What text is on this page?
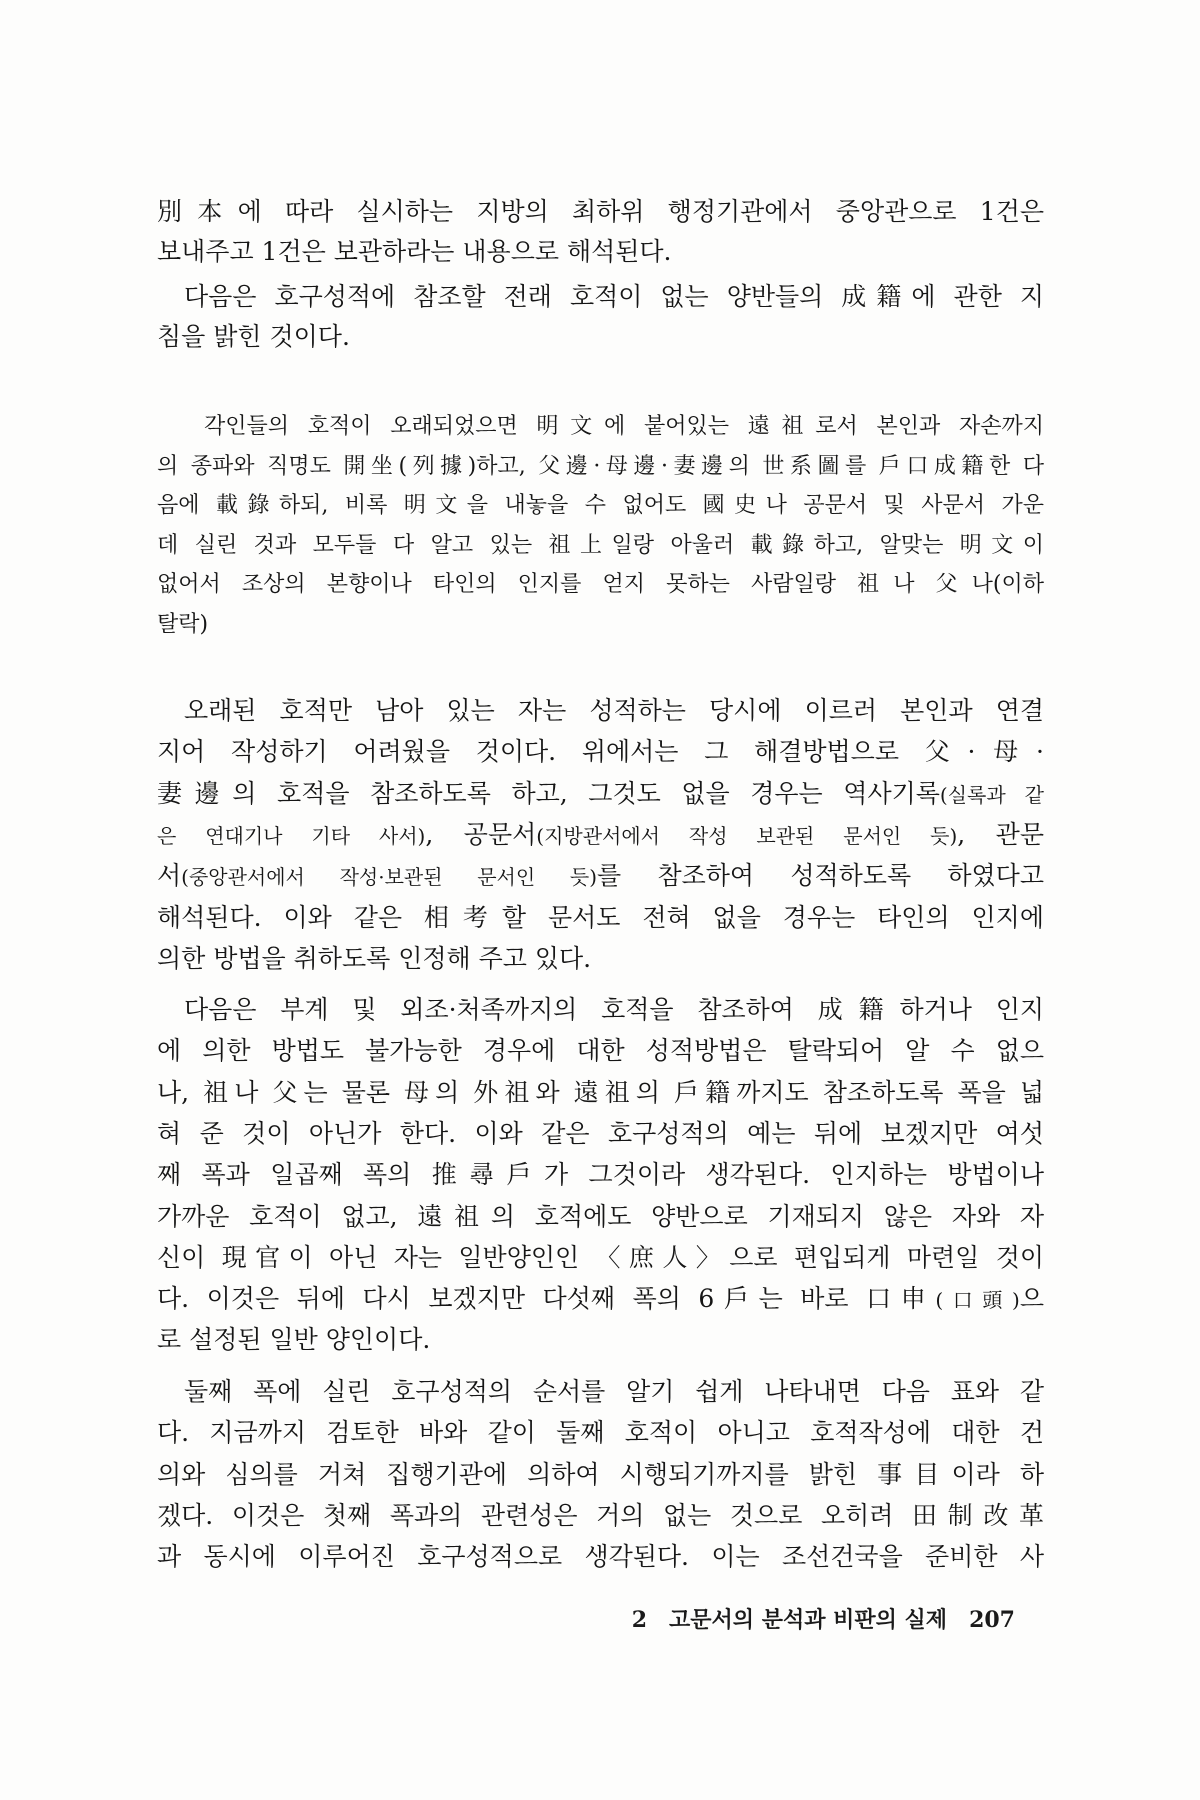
別本에 따라 실시하는 지방의 최하위 행정기관에서 중앙관으로 1건은
보내주고 1건은 보관하라는 내용으로 해석된다.
다음은 호구성적에 참조할 전래 호적이 없는 양반들의 成籍에 관한 지
침을 밝힌 것이다.
각인들의 호적이 오래되었으면 明文에 붙어있는 遠祖로서 본인과 자손까지
의 종파와 직명도 開坐(列據)하고, 父邊·母邊·妻邊의 世系圖를 戶口成籍한 다
음에 載錄하되, 비록 明文을 내놓을 수 없어도 國史나 공문서 및 사문서 가운
데 실린 것과 모두들 다 알고 있는 祖上일랑 아울러 載錄하고, 알맞는 明文이
없어서 조상의 본향이나 타인의 인지를 얻지 못하는 사람일랑 祖나 父나(이하
탈락)
오래된 호적만 남아 있는 자는 성적하는 당시에 이르러 본인과 연결
지어 작성하기 어려웠을 것이다. 위에서는 그 해결방법으로 父·母·
妻邊의 호적을 참조하도록 하고, 그것도 없을 경우는 역사기록(실록과 같
은 연대기나 기타 사서), 공문서(지방관서에서 작성 보관된 문서인 듯), 관문
서(중앙관서에서 작성·보관된 문서인 듯)를 참조하여 성적하도록 하였다고
해석된다. 이와 같은 相考할 문서도 전혀 없을 경우는 타인의 인지에
의한 방법을 취하도록 인정해 주고 있다.
다음은 부계 및 외조·처족까지의 호적을 참조하여 成籍하거나 인지
에 의한 방법도 불가능한 경우에 대한 성적방법은 탈락되어 알 수 없으
나, 祖나 父는 물론 母의 外祖와 遠祖의 戶籍까지도 참조하도록 폭을 넓
혀 준 것이 아닌가 한다. 이와 같은 호구성적의 예는 뒤에 보겠지만 여섯
째 폭과 일곱째 폭의 推尋戶가 그것이라 생각된다. 인지하는 방법이나
가까운 호적이 없고, 遠祖의 호적에도 양반으로 기재되지 않은 자와 자
신이 現官이 아닌 자는 일반양인인 〈庶人〉으로 편입되게 마련일 것이
다. 이것은 뒤에 다시 보겠지만 다섯째 폭의 6戶는 바로 口申(口頭)으
로 설정된 일반 양인이다.
둘째 폭에 실린 호구성적의 순서를 알기 쉽게 나타내면 다음 표와 같
다. 지금까지 검토한 바와 같이 둘째 호적이 아니고 호적작성에 대한 건
의와 심의를 거쳐 집행기관에 의하여 시행되기까지를 밝힌 事目이라 하
겠다. 이것은 첫째 폭과의 관련성은 거의 없는 것으로 오히려 田制改革
과 동시에 이루어진 호구성적으로 생각된다. 이는 조선건국을 준비한 사
2 고문서의 분석과 비판의 실제 207
